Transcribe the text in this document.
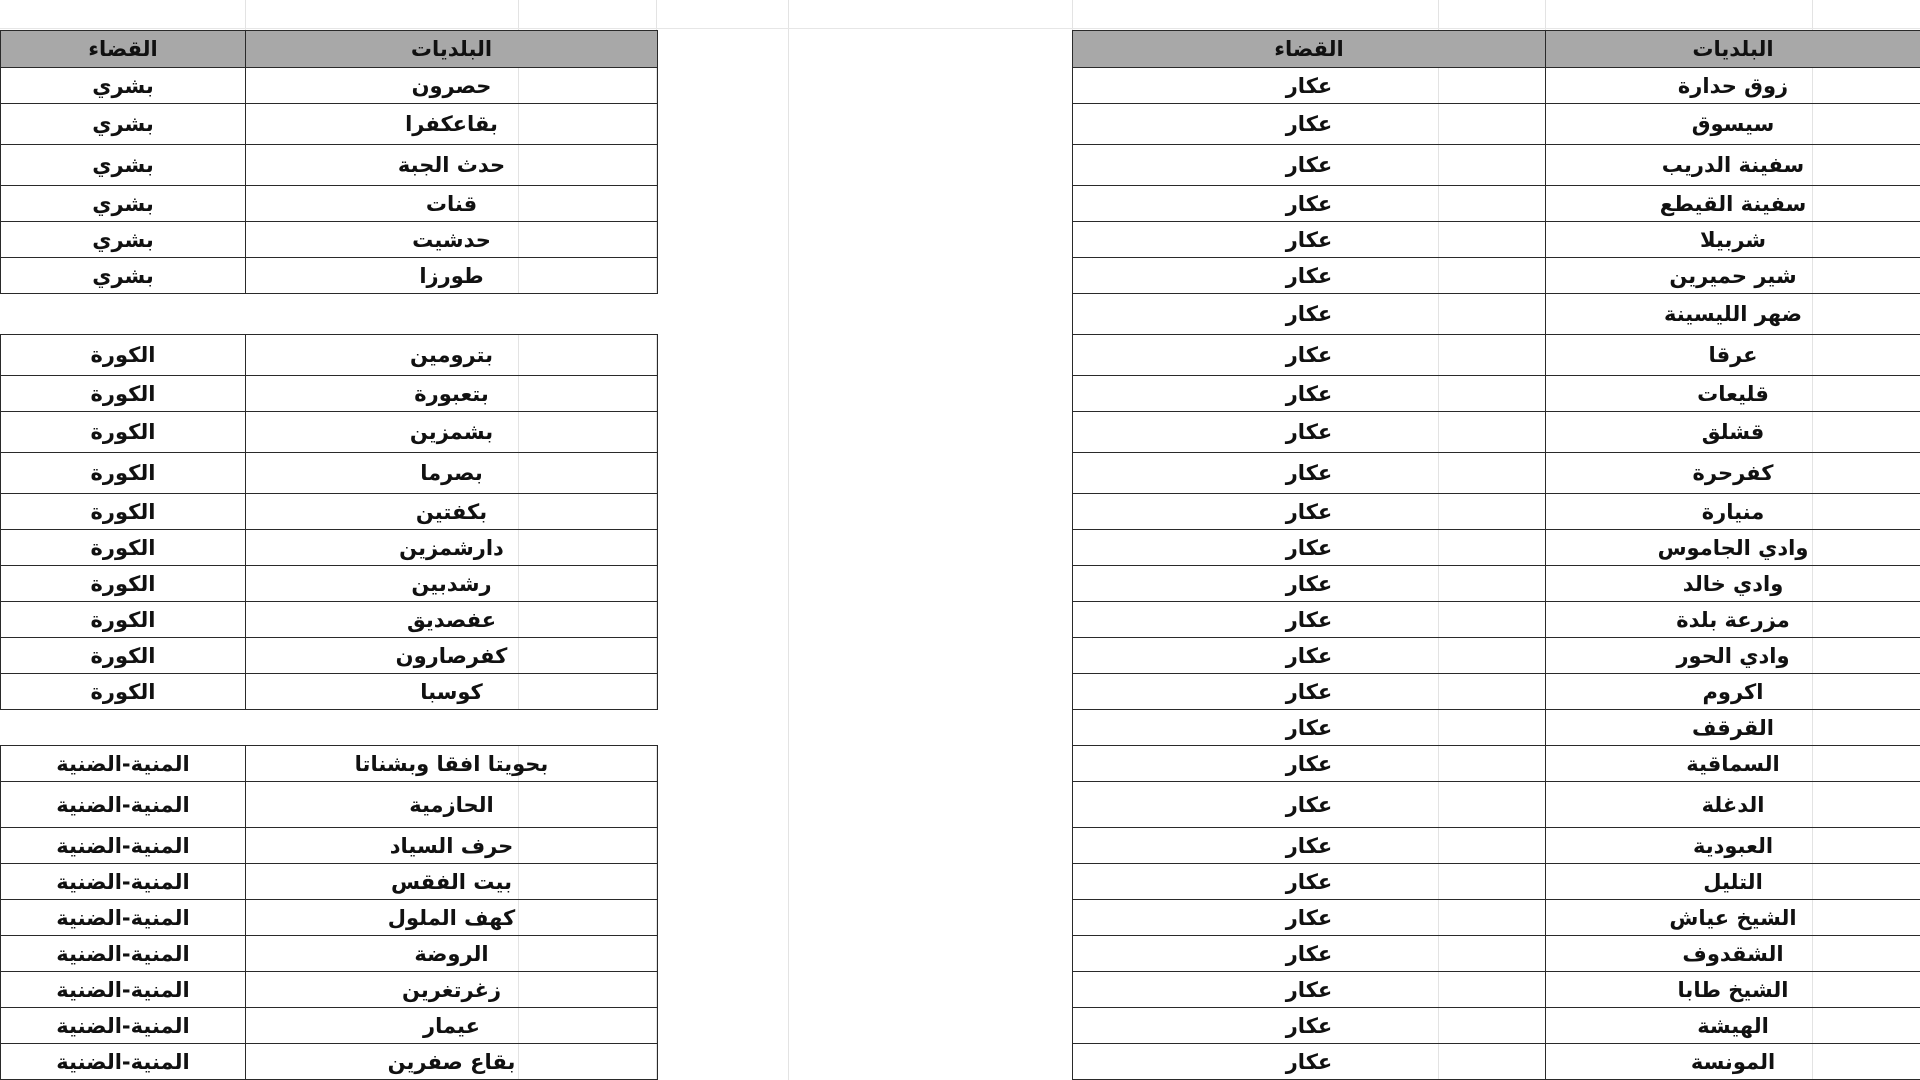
القضاء	البلديات
بشري	حصرون
بشري	بقاعكفرا
بشري	حدث الجبة
بشري	قنات
بشري	حدشيت
بشري	طورزا

الكورة	بترومين
الكورة	بتعبورة
الكورة	بشمزين
الكورة	بصرما
الكورة	بكفتين
الكورة	دارشمزين
الكورة	رشدبين
الكورة	عفصديق
الكورة	كفرصارون
الكورة	كوسبا

المنية-الضنية	بحويتا افقا وبشناتا
المنية-الضنية	الحازمية
المنية-الضنية	حرف السياد
المنية-الضنية	بيت الفقس
المنية-الضنية	كهف الملول
المنية-الضنية	الروضة
المنية-الضنية	زغرتغرين
المنية-الضنية	عيمار
المنية-الضنية	بقاع صفرين
القضاء	البلديات
عكار	زوق حدارة
عكار	سيسوق
عكار	سفينة الدريب
عكار	سفينة القيطع
عكار	شربيلا
عكار	شير حميرين
عكار	ضهر الليسينة
عكار	عرقا
عكار	قليعات
عكار	قشلق
عكار	كفرحرة
عكار	منيارة
عكار	وادي الجاموس
عكار	وادي خالد
عكار	مزرعة بلدة
عكار	وادي الحور
عكار	اكروم
عكار	القرقف
عكار	السماقية
عكار	الدغلة
عكار	العبودية
عكار	التليل
عكار	الشيخ عياش
عكار	الشقدوف
عكار	الشيخ طابا
عكار	الهيشة
عكار	المونسة
